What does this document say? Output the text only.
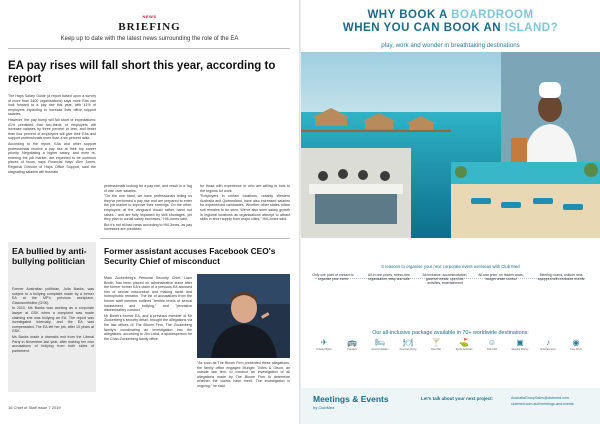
NEWS
BRIEFING
Keep up to date with the latest news surrounding the role of the EA
EA pay rises will fall short this year, according to report

The Hays Salary Guide (a report based upon a survey of more than 3400 organisations) says more EAs can look forward to a pay rise this year, with 41% of employers expecting to increase their office support salaries.

However, the pay bump will fall short of expectations: 41% predicted that two-thirds of employers will increase salaries by three percent or less, and fewer than four percent of employers will give their EAs and support professionals more than a six percent raise.

According to the report, EAs and other support professionals receive a pay rise at their top career priority. Negotiating a higher salary, and even re-entering the job market, are expected to be common places of focus, says Financial Hays' Alex Jones, Regional Director of Hays Office Support, said the stagnating salaries will frustrate

professionals looking for a pay rise, and result in a 'tug of war' over salaries.

"On the one hand, we have professionals telling us they've performed a pay rise and are prepared to enter the job market to improve their earnings. On the other, employers at the vanguard would rather hand out raises - and are fully impacted by skill shortages, yet they plan to curtail salary increases," Hill-Jones said.

But it's not all bad news according to Hill-Jones, as pay increases are predicted

for those with experience or who are willing to look to the regions for work.

"Employers in certain locations, notably Western Australia and Queensland, have also increased salaries for experienced candidates. Whether other states follow suit remains to be seen. We've also seen salary growth in regional locations as organisations attempt to attract skills in short supply from major cities," Hill-Jones said.

EA bullied by anti-bullying politician

Former Australian politician, Julia Banks, was subject to a bullying complaint made by a former EA at the MP's previous workplace, Glaxosmithkline (GSK).

In 2010, Ms Banks was working as a corporate lawyer at GSK when a complaint was made claiming she was bullying an EA. The report was investigated internally, and the EA was compensated. The EA left her job, after 10 years at GSK.

Ms Banks made a dramatic exit from the Liberal Party in November last year, after making her own accusations of bullying from both sides of parliament.

Former assistant accuses Facebook CEO's Security Chief of misconduct

Mark Zuckerberg's Personal Security Chief, Liam Booth, has been placed on administrative leave after the former former EA's claim of a previous EA accused him of sexual misconduct and making racist and homophobic remarks. The list of accusations from the former staff member outlines "terrible levels of sexual harassment and bullying," and "pervasive discriminatory conduct."

Mr Booth's former EA, and a previous member of Mr Zuckerberg's security detail, brought the allegations via the law offices of The Bloom Firm. The Zuckerberg family's coordinating an investigation into the allegations, according to Jim Lafoli, a spokesperson for the Chan-Zuckerberg family office.

"As soon as The Bloom Firm presented these allegations, the family office engaged Munger, Tolles & Olson, an outside law firm, to conduct an investigation of all allegations made by The Bloom Firm to determine whether the claims have merit. The investigation is ongoing," he said.

16 Chief of Staff Issue 7 2019
WHY BOOK A BOARDROOM
WHEN YOU CAN BOOK AN ISLAND?
play, work and wonder in breathtaking destinations
5 reasons to organise your next corporate event overseas with Club Med
Only one point of contact to organise your event
All-in one prices, stress-free organisation, easy and safe
All-inclusive: accommodation, gourmet meals, open bar, activities, entertainment
All-star price, no hidden costs, budget under control
Meeting rooms, uniform sets equipped with exclusive events
Our all-inclusive package available in 70+ worldwide destinations:
✈
Private Flights
🚌
Transfers
🛏
Accommodation
🍽
Gourmet Dining
🍸
Open Bar
⛳
Sports Activities
☺
Kids Club
▣
Meeting Rooms
♪
Entertainment
◉
Free Wi-Fi
Meetings & Events
by ClubMed
Let's talk about your next project:	AustraliaGroupSales@clubmed.com
clubmed.com.au/l/meetings-and-events
